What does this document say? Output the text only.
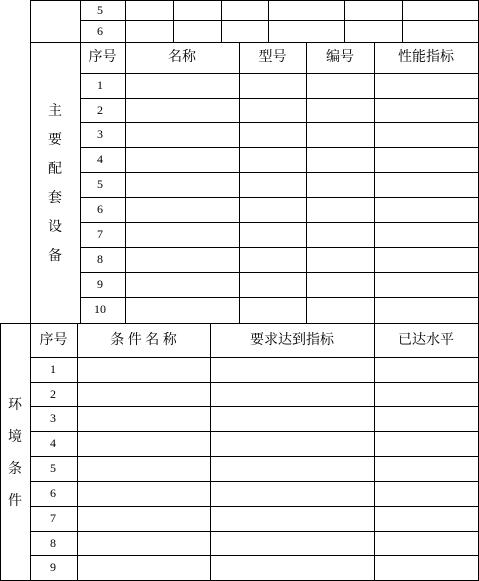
5
6
主
要
配
套
设
备
序号	名称	型号	编号	性能指标
1
2
3
4
5
6
7
8
9
10
环
境
条
件
序号	条 件 名 称	要求达到指标	已达水平
1
2
3
4
5
6
7
8
9
